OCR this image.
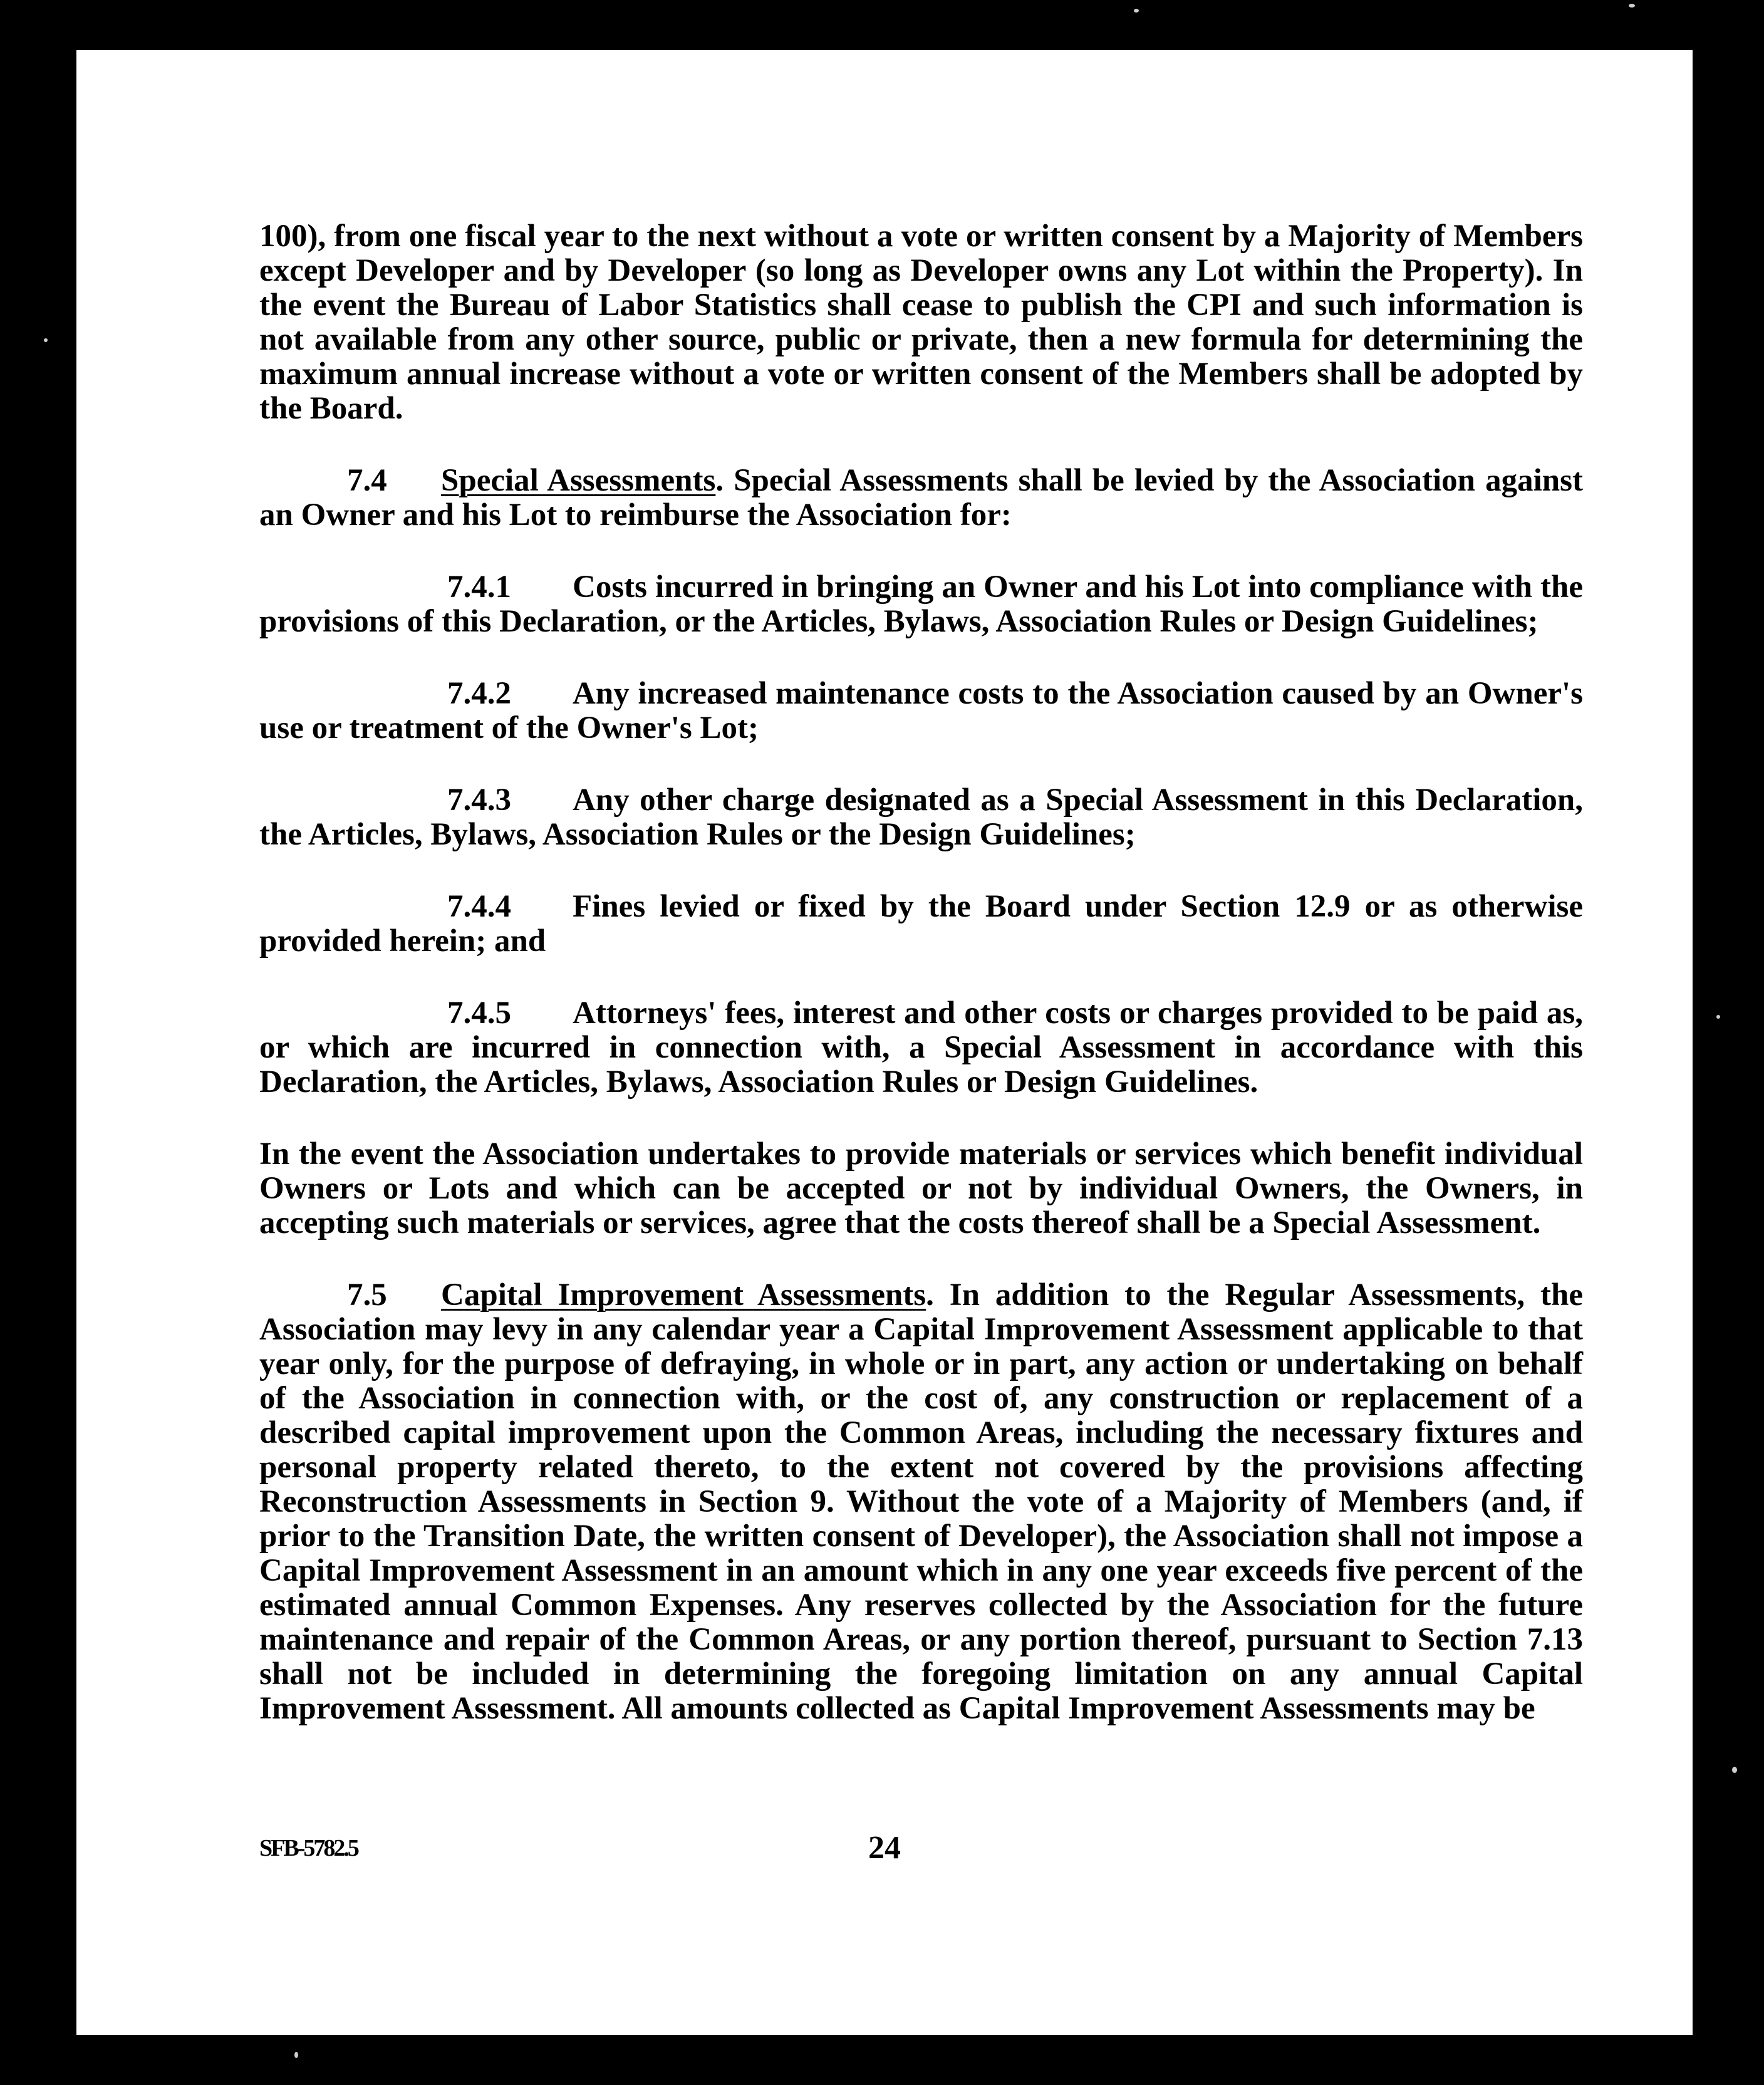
100), from one fiscal year to the next without a vote or written consent by a Majority of Members except Developer and by Developer (so long as Developer owns any Lot within the Property). In the event the Bureau of Labor Statistics shall cease to publish the CPI and such information is not available from any other source, public or private, then a new formula for determining the maximum annual increase without a vote or written consent of the Members shall be adopted by the Board.

7.4 Special Assessments. Special Assessments shall be levied by the Association against an Owner and his Lot to reimburse the Association for:

7.4.1 Costs incurred in bringing an Owner and his Lot into compliance with the provisions of this Declaration, or the Articles, Bylaws, Association Rules or Design Guidelines;

7.4.2 Any increased maintenance costs to the Association caused by an Owner's use or treatment of the Owner's Lot;

7.4.3 Any other charge designated as a Special Assessment in this Declaration, the Articles, Bylaws, Association Rules or the Design Guidelines;

7.4.4 Fines levied or fixed by the Board under Section 12.9 or as otherwise provided herein; and

7.4.5 Attorneys' fees, interest and other costs or charges provided to be paid as, or which are incurred in connection with, a Special Assessment in accordance with this Declaration, the Articles, Bylaws, Association Rules or Design Guidelines.

In the event the Association undertakes to provide materials or services which benefit individual Owners or Lots and which can be accepted or not by individual Owners, the Owners, in accepting such materials or services, agree that the costs thereof shall be a Special Assessment.

7.5 Capital Improvement Assessments. In addition to the Regular Assessments, the Association may levy in any calendar year a Capital Improvement Assessment applicable to that year only, for the purpose of defraying, in whole or in part, any action or undertaking on behalf of the Association in connection with, or the cost of, any construction or replacement of a described capital improvement upon the Common Areas, including the necessary fixtures and personal property related thereto, to the extent not covered by the provisions affecting Reconstruction Assessments in Section 9. Without the vote of a Majority of Members (and, if prior to the Transition Date, the written consent of Developer), the Association shall not impose a Capital Improvement Assessment in an amount which in any one year exceeds five percent of the estimated annual Common Expenses. Any reserves collected by the Association for the future maintenance and repair of the Common Areas, or any portion thereof, pursuant to Section 7.13 shall not be included in determining the foregoing limitation on any annual Capital Improvement Assessment. All amounts collected as Capital Improvement Assessments may be

SFB-5782.5	24
